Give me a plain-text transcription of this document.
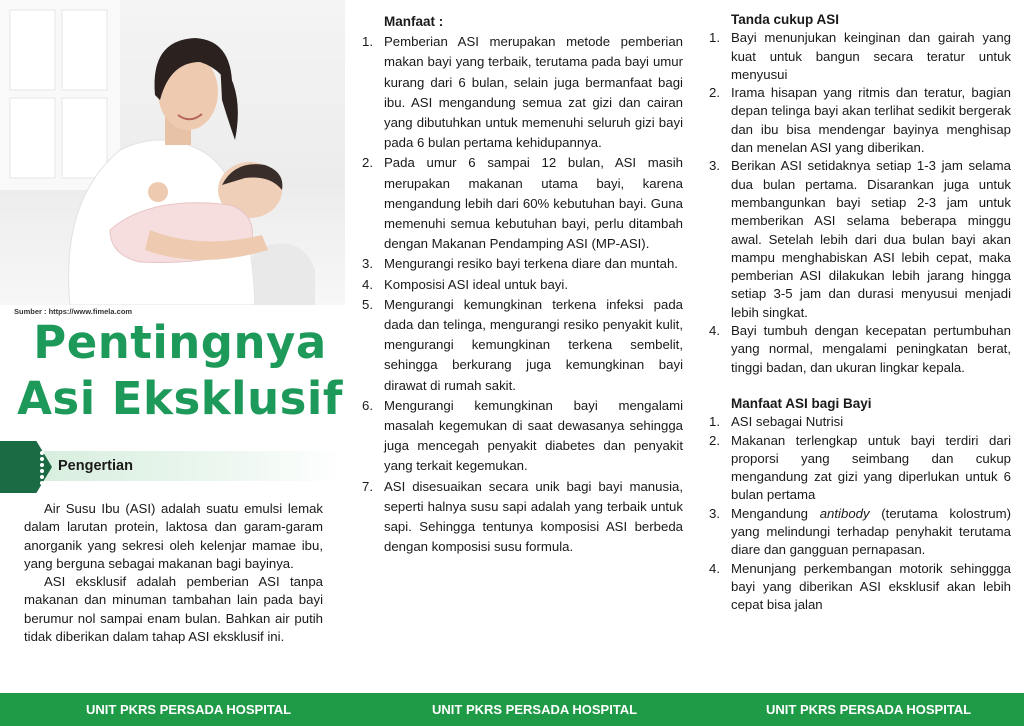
Sumber : https://www.fimela.com
Pentingnya
Asi Eksklusif
Pengertian

Air Susu Ibu (ASI) adalah suatu emulsi lemak dalam larutan protein, laktosa dan garam-garam anorganik yang sekresi oleh kelenjar mamae ibu, yang berguna sebagai makanan bagi bayinya.

ASI eksklusif adalah pemberian ASI tanpa makanan dan minuman tambahan lain pada bayi berumur nol sampai enam bulan. Bahkan air putih tidak diberikan dalam tahap ASI eksklusif ini.

Manfaat :
1. Pemberian ASI merupakan metode pemberian makan bayi yang terbaik, terutama pada bayi umur kurang dari 6 bulan, selain juga bermanfaat bagi ibu. ASI mengandung semua zat gizi dan cairan yang dibutuhkan untuk memenuhi seluruh gizi bayi pada 6 bulan pertama kehidupannya.
2. Pada umur 6 sampai 12 bulan, ASI masih merupakan makanan utama bayi, karena mengandung lebih dari 60% kebutuhan bayi. Guna memenuhi semua kebutuhan bayi, perlu ditambah dengan Makanan Pendamping ASI (MP-ASI).
3. Mengurangi resiko bayi terkena diare dan muntah.
4. Komposisi ASI ideal untuk bayi.
5. Mengurangi kemungkinan terkena infeksi pada dada dan telinga, mengurangi resiko penyakit kulit, mengurangi kemungkinan terkena sembelit, sehingga berkurang juga kemungkinan bayi dirawat di rumah sakit.
6. Mengurangi kemungkinan bayi mengalami masalah kegemukan di saat dewasanya sehingga juga mencegah penyakit diabetes dan penyakit yang terkait kegemukan.
7. ASI disesuaikan secara unik bagi bayi manusia, seperti halnya susu sapi adalah yang terbaik untuk sapi. Sehingga tentunya komposisi ASI berbeda dengan komposisi susu formula.
Tanda cukup ASI
1. Bayi menunjukan keinginan dan gairah yang kuat untuk bangun secara teratur untuk menyusui
2. Irama hisapan yang ritmis dan teratur, bagian depan telinga bayi akan terlihat sedikit bergerak dan ibu bisa mendengar bayinya menghisap dan menelan ASI yang diberikan.
3. Berikan ASI setidaknya setiap 1-3 jam selama dua bulan pertama. Disarankan juga untuk membangunkan bayi setiap 2-3 jam untuk memberikan ASI selama beberapa minggu awal. Setelah lebih dari dua bulan bayi akan mampu menghabiskan ASI lebih cepat, maka pemberian ASI dilakukan lebih jarang hingga setiap 3-5 jam dan durasi menyusui menjadi lebih singkat.
4. Bayi tumbuh dengan kecepatan pertumbuhan yang normal, mengalami peningkatan berat, tinggi badan, dan ukuran lingkar kepala.
Manfaat ASI bagi Bayi
1. ASI sebagai Nutrisi
2. Makanan terlengkap untuk bayi terdiri dari proporsi yang seimbang dan cukup mengandung zat gizi yang diperlukan untuk 6 bulan pertama
3. Mengandung antibody (terutama kolostrum) yang melindungi terhadap penyhakit terutama diare dan gangguan pernapasan.
4. Menunjang perkembangan motorik sehinggga bayi yang diberikan ASI eksklusif akan lebih cepat bisa jalan
UNIT PKRS PERSADA HOSPITAL	UNIT PKRS PERSADA HOSPITAL	UNIT PKRS PERSADA HOSPITAL
